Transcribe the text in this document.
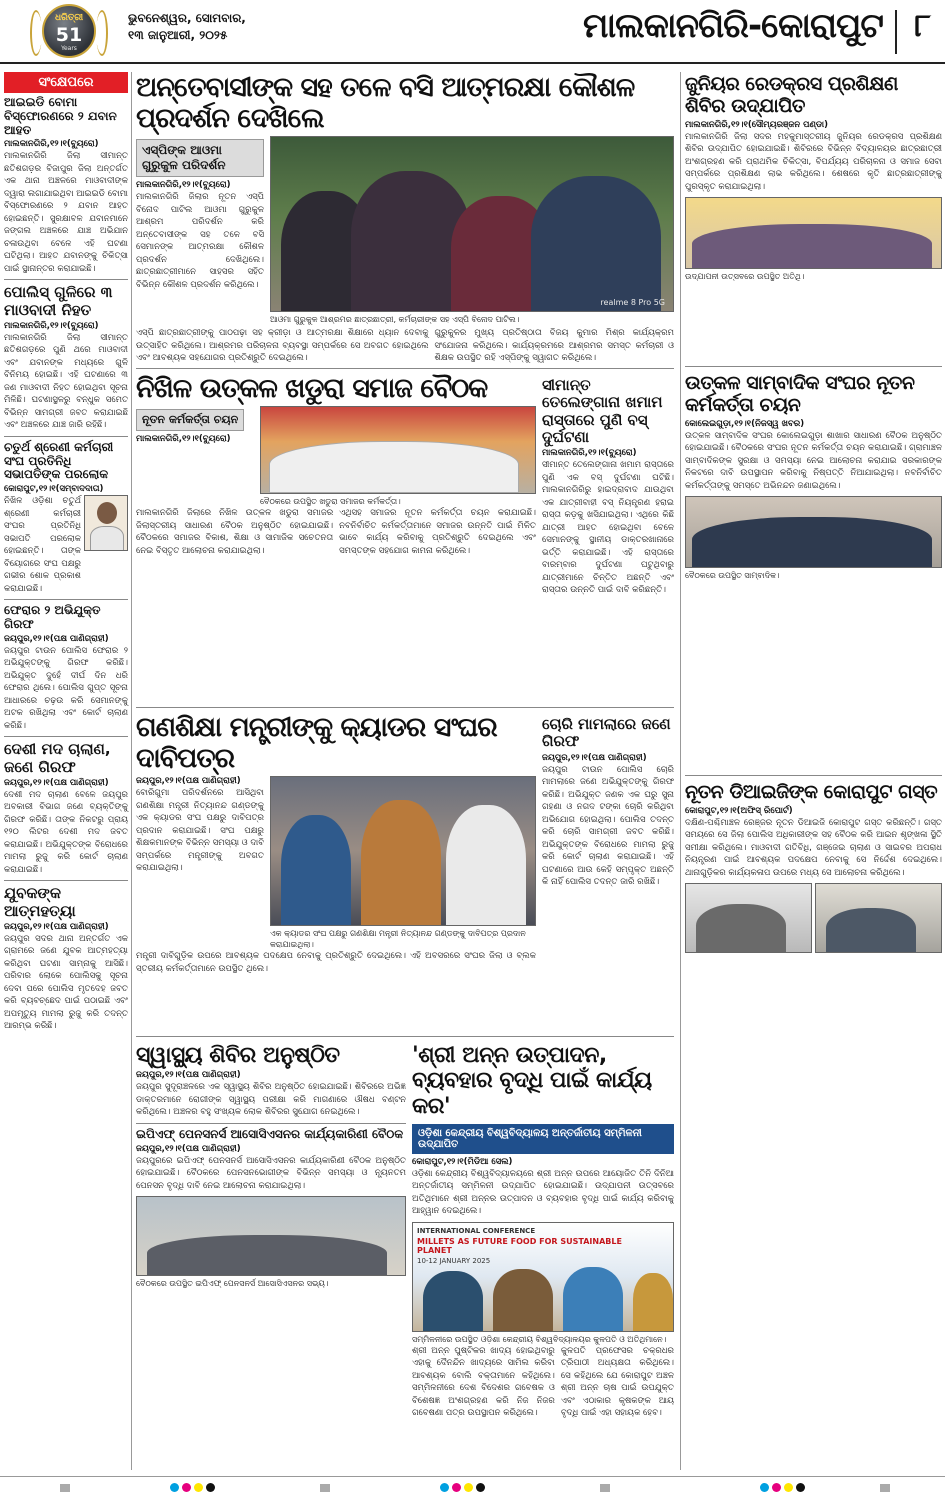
ଧରିତ୍ରୀ
51
Years
ଭୁବନେଶ୍ୱର, ସୋମବାର,
୧୩ ଜାନୁଆରୀ, ୨୦୨୫	ମାଲକାନଗିରି-କୋରାପୁଟ ୮
ସଂକ୍ଷେପରେ
ଆଇଇଡି ବୋମା ବିସ୍ଫୋରଣରେ ୨ ଯବାନ ଆହତ
ମାଲକାନଗିରି,୧୨।୧(ବ୍ୟୁରୋ)

ମାଲକାନଗିରି ଜିଲା ସୀମାନ୍ତ ଛତିଶଗଡ଼ର ବିଜାପୁର ଜିଲା ଅନ୍ତର୍ଗତ ଏକ ଥାନା ଅଞ୍ଚଳରେ ମାଓବାଦୀଙ୍କ ଦ୍ୱାରା ଲଗାଯାଇଥିବା ଆଇଇଡି ବୋମା ବିସ୍ଫୋରଣରେ ୨ ଯବାନ ଆହତ ହୋଇଛନ୍ତି। ସୁରକ୍ଷାବଳ ଯବାନମାନେ ଜଙ୍ଗଲ ଅଞ୍ଚଳରେ ଯାଞ୍ଚ ଅଭିଯାନ ଚଳାଉଥିବା ବେଳେ ଏହି ଘଟଣା ଘଟିଥିଲା। ଆହତ ଯବାନଙ୍କୁ ଚିକିତ୍ସା ପାଇଁ ସ୍ଥାନାନ୍ତର କରାଯାଇଛି।

ପୋଲିସ୍ ଗୁଳିରେ ୩ ମାଓବାଦୀ ନିହତ
ମାଲକାନଗିରି,୧୨।୧(ବ୍ୟୁରୋ)

ମାଲକାନଗିରି ଜିଲା ସୀମାନ୍ତ ଛତିଶଗଡ଼ରେ ପୁଣି ଥରେ ମାଓବାଦୀ ଏବଂ ଯବାନଙ୍କ ମଧ୍ୟରେ ଗୁଳି ବିନିମୟ ହୋଇଛି। ଏହି ଘଟଣାରେ ୩ ଜଣ ମାଓବାଦୀ ନିହତ ହୋଇଥିବା ସୂଚନା ମିଳିଛି। ଘଟଣାସ୍ଥଳରୁ ବନ୍ଧୁକ ସମେତ ବିଭିନ୍ନ ସାମଗ୍ରୀ ଜବତ କରାଯାଇଛି ଏବଂ ଅଞ୍ଚଳରେ ଯାଞ୍ଚ ଜାରି ରହିଛି।

ଚତୁର୍ଥ ଶ୍ରେଣୀ କର୍ମଚାରୀ ସଂଘ ପ୍ରତିନିଧି ସଭାପତିଙ୍କ ପରଲୋକ
କୋରାପୁଟ,୧୨।୧(ସମ୍ବାଦଦାତା)

ନିଖିଳ ଓଡ଼ିଶା ଚତୁର୍ଥ ଶ୍ରେଣୀ କର୍ମଚାରୀ ସଂଘର ପ୍ରତିନିଧି ସଭାପତି ପରଲୋକ ହୋଇଛନ୍ତି। ତାଙ୍କ ବିୟୋଗରେ ସଂଘ ପକ୍ଷରୁ ଗଭୀର ଶୋକ ପ୍ରକାଶ କରାଯାଇଛି।

ଫେରାର ୨ ଅଭିଯୁକ୍ତ ଗିରଫ
ଜୟପୁର,୧୨।୧(ପକ୍ଷ ପାଣିଗ୍ରାହୀ)

ଜୟପୁର ଟାଉନ ପୋଲିସ ଫେରାର ୨ ଅଭିଯୁକ୍ତଙ୍କୁ ଗିରଫ କରିଛି। ଅଭିଯୁକ୍ତ ଦୁହେଁ ଦୀର୍ଘ ଦିନ ଧରି ଫେରାର ଥିଲେ। ପୋଲିସ ଗୁପ୍ତ ସୂଚନା ଆଧାରରେ ଚଢ଼ଉ କରି ସେମାନଙ୍କୁ ଅଟକ ରଖିଥିଲା ଏବଂ କୋର୍ଟ ଚାଲାଣ କରିଛି।

ଦେଶୀ ମଦ ଚାଲାଣ, ଜଣେ ଗିରଫ
ଜୟପୁର,୧୨।୧(ପକ୍ଷ ପାଣିଗ୍ରାହୀ)

ଦେଶୀ ମଦ ଚାଲାଣ ବେଳେ ଜୟପୁର ଅବକାରୀ ବିଭାଗ ଜଣେ ବ୍ୟକ୍ତିଙ୍କୁ ଗିରଫ କରିଛି। ତାଙ୍କ ନିକଟରୁ ପ୍ରାୟ ୧୨୦ ଲିଟର ଦେଶୀ ମଦ ଜବତ କରାଯାଇଛି। ଅଭିଯୁକ୍ତଙ୍କ ବିରୋଧରେ ମାମଲା ରୁଜୁ କରି କୋର୍ଟ ଚାଲାଣ କରାଯାଇଛି।

ଯୁବକଙ୍କ ଆତ୍ମହତ୍ୟା
ଜୟପୁର,୧୨।୧(ପକ୍ଷ ପାଣିଗ୍ରାହୀ)

ଜୟପୁର ସଦର ଥାନା ଅନ୍ତର୍ଗତ ଏକ ଗ୍ରାମରେ ଜଣେ ଯୁବକ ଆତ୍ମହତ୍ୟା କରିଥିବା ଘଟଣା ସାମ୍ନାକୁ ଆସିଛି। ପରିବାର ଲୋକେ ପୋଲିସକୁ ସୂଚନା ଦେବା ପରେ ପୋଲିସ ମୃତଦେହ ଜବତ କରି ବ୍ୟବଚ୍ଛେଦ ପାଇଁ ପଠାଇଛି ଏବଂ ଅପମୃତ୍ୟୁ ମାମଲା ରୁଜୁ କରି ତଦନ୍ତ ଆରମ୍ଭ କରିଛି।

ଅନ୍ତେବାସୀଙ୍କ ସହ ତଳେ ବସି ଆତ୍ମରକ୍ଷା କୌଶଳ ପ୍ରଦର୍ଶନ ଦେଖିଲେ
ଏସ୍‌ପିଙ୍କ ଆଓମା ଗୁରୁକୁଳ ପରିଦର୍ଶନ
ମାଲକାନଗିରି,୧୨।୧(ବ୍ୟୁରୋ)

ମାଲକାନଗିରି ଜିଲାର ନୂତନ ଏସ୍‌ପି ବିନୋଦ ପାଟିଲ ଆଓମା ଗୁରୁକୁଳ ଆଶ୍ରମ ପରିଦର୍ଶନ କରି ଅନ୍ତେବାସୀଙ୍କ ସହ ତଳେ ବସି ସେମାନଙ୍କ ଆତ୍ମରକ୍ଷା କୌଶଳ ପ୍ରଦର୍ଶନ ଦେଖିଥିଲେ। ଛାତ୍ରଛାତ୍ରୀମାନେ ସାହସର ସହିତ ବିଭିନ୍ନ କୌଶଳ ପ୍ରଦର୍ଶନ କରିଥିଲେ।

realme 8 Pro 5G
ଆଓମା ଗୁରୁକୁଳ ଆଶ୍ରମର ଛାତ୍ରଛାତ୍ରୀ, କର୍ମଚାରୀଙ୍କ ସହ ଏସ୍‌ପି ବିନୋଦ ପାଟିଲ।

ଏସ୍‌ପି ଛାତ୍ରଛାତ୍ରୀଙ୍କୁ ପାଠପଢ଼ା ସହ କ୍ରୀଡ଼ା ଓ ଆତ୍ମରକ୍ଷା ଶିକ୍ଷାରେ ଧ୍ୟାନ ଦେବାକୁ ଉତ୍ସାହିତ କରିଥିଲେ। ଆଶ୍ରମର ପରିଚାଳନା ବ୍ୟବସ୍ଥା ସମ୍ପର୍କରେ ସେ ଅବଗତ ହୋଇଥିଲେ ଏବଂ ଆବଶ୍ୟକ ସହଯୋଗର ପ୍ରତିଶ୍ରୁତି ଦେଇଥିଲେ।

ଗୁରୁକୁଳର ମୁଖ୍ୟ ପ୍ରତିଷ୍ଠାତା ବିଜୟ କୁମାର ମିଶ୍ର କାର୍ଯ୍ୟକ୍ରମ ସଂଯୋଜନା କରିଥିଲେ। କାର୍ଯ୍ୟକ୍ରମରେ ଆଶ୍ରମର ସମସ୍ତ କର୍ମଚାରୀ ଓ ଶିକ୍ଷକ ଉପସ୍ଥିତ ରହି ଏସ୍‌ପିଙ୍କୁ ସ୍ୱାଗତ କରିଥିଲେ।

ନିଖିଳ ଉତ୍କଳ ଖଡୁରା ସମାଜ ବୈଠକ
ନୂତନ କର୍ମକର୍ତ୍ତା ଚୟନ
ମାଲକାନଗିରି,୧୨।୧(ବ୍ୟୁରୋ)
ବୈଠକରେ ଉପସ୍ଥିତ ଖଡୁରା ସମାଜର କର୍ମକର୍ତ୍ତା।

ମାଲକାନଗିରି ଜିଲାରେ ନିଖିଳ ଉତ୍କଳ ଖଡୁରା ସମାଜର ଜିଲାସ୍ତରୀୟ ସାଧାରଣ ବୈଠକ ଅନୁଷ୍ଠିତ ହୋଇଯାଇଛି। ବୈଠକରେ ସମାଜର ବିକାଶ, ଶିକ୍ଷା ଓ ସାମାଜିକ ସଚେତନତା ନେଇ ବିସ୍ତୃତ ଆଲୋଚନା କରାଯାଇଥିଲା।

ଏଥିସହ ସମାଜର ନୂତନ କର୍ମକର୍ତ୍ତା ଚୟନ କରାଯାଇଛି। ନବନିର୍ବାଚିତ କର୍ମକର୍ତ୍ତାମାନେ ସମାଜର ଉନ୍ନତି ପାଇଁ ମିଳିତ ଭାବେ କାର୍ଯ୍ୟ କରିବାକୁ ପ୍ରତିଶ୍ରୁତି ଦେଇଥିଲେ ଏବଂ ସମସ୍ତଙ୍କ ସହଯୋଗ କାମନା କରିଥିଲେ।

ସୀମାନ୍ତ ତେଲେଙ୍ଗାନା ଖମାମ ରାସ୍ତାରେ ପୁଣି ବସ୍ ଦୁର୍ଘଟଣା
ମାଲକାନଗିରି,୧୨।୧(ବ୍ୟୁରୋ)

ସୀମାନ୍ତ ତେଲେଙ୍ଗାନା ଖମାମ ରାସ୍ତାରେ ପୁଣି ଏକ ବସ୍ ଦୁର୍ଘଟଣା ଘଟିଛି। ମାଲକାନଗିରିରୁ ହାଇଦ୍ରାବାଦ ଯାଉଥିବା ଏକ ଯାତ୍ରୀବାହୀ ବସ୍ ନିୟନ୍ତ୍ରଣ ହରାଇ ରାସ୍ତା କଡ଼କୁ ଖସିଯାଇଥିଲା। ଏଥିରେ କିଛି ଯାତ୍ରୀ ଆହତ ହୋଇଥିବା ବେଳେ ସେମାନଙ୍କୁ ସ୍ଥାନୀୟ ଡାକ୍ତରଖାନାରେ ଭର୍ତ୍ତି କରାଯାଇଛି। ଏହି ରାସ୍ତାରେ ବାରମ୍ବାର ଦୁର୍ଘଟଣା ଘଟୁଥିବାରୁ ଯାତ୍ରୀମାନେ ଚିନ୍ତିତ ଅଛନ୍ତି ଏବଂ ରାସ୍ତାର ଉନ୍ନତି ପାଇଁ ଦାବି କରିଛନ୍ତି।

ଗଣଶିକ୍ଷା ମନ୍ତ୍ରୀଙ୍କୁ କ୍ୟାଡର ସଂଘର ଦାବିପତ୍ର
ଜୟପୁର,୧୨।୧(ପକ୍ଷ ପାଣିଗ୍ରାହୀ)

ବୋରିଗୁମା ପରିଦର୍ଶନରେ ଆସିଥିବା ଗଣଶିକ୍ଷା ମନ୍ତ୍ରୀ ନିତ୍ୟାନନ୍ଦ ଗଣ୍ଡଙ୍କୁ ଏକ କ୍ୟାଡର ସଂଘ ପକ୍ଷରୁ ଦାବିପତ୍ର ପ୍ରଦାନ କରାଯାଇଛି। ସଂଘ ପକ୍ଷରୁ ଶିକ୍ଷକମାନଙ୍କ ବିଭିନ୍ନ ସମସ୍ୟା ଓ ଦାବି ସମ୍ପର୍କରେ ମନ୍ତ୍ରୀଙ୍କୁ ଅବଗତ କରାଯାଇଥିଲା।

ଏକ କ୍ୟାଡର ସଂଘ ପକ୍ଷରୁ ଗଣଶିକ୍ଷା ମନ୍ତ୍ରୀ ନିତ୍ୟାନନ୍ଦ ଗଣ୍ଡଙ୍କୁ ଦାବିପତ୍ର ପ୍ରଦାନ କରାଯାଇଥିଲା।

ମନ୍ତ୍ରୀ ଦାବିଗୁଡ଼ିକ ଉପରେ ଆବଶ୍ୟକ ପଦକ୍ଷେପ ନେବାକୁ ପ୍ରତିଶ୍ରୁତି ଦେଇଥିଲେ। ଏହି ଅବସରରେ ସଂଘର ଜିଲା ଓ ବ୍ଲକ ସ୍ତରୀୟ କର୍ମକର୍ତ୍ତାମାନେ ଉପସ୍ଥିତ ଥିଲେ।

ଚୋରି ମାମଲାରେ ଜଣେ ଗିରଫ
ଜୟପୁର,୧୨।୧(ପକ୍ଷ ପାଣିଗ୍ରାହୀ)

ଜୟପୁର ଟାଉନ ପୋଲିସ ଚୋରି ମାମଲାରେ ଜଣେ ଅଭିଯୁକ୍ତଙ୍କୁ ଗିରଫ କରିଛି। ଅଭିଯୁକ୍ତ ଜଣକ ଏକ ଘରୁ ସୁନା ଗହଣା ଓ ନଗଦ ଟଙ୍କା ଚୋରି କରିଥିବା ଅଭିଯୋଗ ହୋଇଥିଲା। ପୋଲିସ ତଦନ୍ତ କରି ଚୋରି ସାମଗ୍ରୀ ଜବତ କରିଛି। ଅଭିଯୁକ୍ତଙ୍କ ବିରୋଧରେ ମାମଲା ରୁଜୁ କରି କୋର୍ଟ ଚାଲାଣ କରାଯାଇଛି। ଏହି ଘଟଣାରେ ଆଉ କେହି ସମ୍ପୃକ୍ତ ଅଛନ୍ତି କି ନାହିଁ ପୋଲିସ ତଦନ୍ତ ଜାରି ରଖିଛି।

ସ୍ୱାସ୍ଥ୍ୟ ଶିବିର ଅନୁଷ୍ଠିତ
ଜୟପୁର,୧୨।୧(ପକ୍ଷ ପାଣିଗ୍ରାହୀ)

ଜୟପୁର ସୁଦୂରାଞ୍ଚଳରେ ଏକ ସ୍ୱାସ୍ଥ୍ୟ ଶିବିର ଅନୁଷ୍ଠିତ ହୋଇଯାଇଛି। ଶିବିରରେ ଅଭିଜ୍ଞ ଡାକ୍ତରମାନେ ରୋଗୀଙ୍କ ସ୍ୱାସ୍ଥ୍ୟ ପରୀକ୍ଷା କରି ମାଗଣାରେ ଔଷଧ ବଣ୍ଟନ କରିଥିଲେ। ଅଞ୍ଚଳର ବହୁ ସଂଖ୍ୟକ ଲୋକ ଶିବିରର ସୁଯୋଗ ନେଇଥିଲେ।

ଇପିଏଫ୍ ପେନସନର୍ସ ଆସୋସିଏସନର କାର୍ଯ୍ୟକାରିଣୀ ବୈଠକ
ଜୟପୁର,୧୨।୧(ପକ୍ଷ ପାଣିଗ୍ରାହୀ)

ଜୟପୁରରେ ଇପିଏଫ୍ ପେନସନର୍ସ ଆସୋସିଏସନର କାର୍ଯ୍ୟକାରିଣୀ ବୈଠକ ଅନୁଷ୍ଠିତ ହୋଇଯାଇଛି। ବୈଠକରେ ପେନସନଭୋଗୀଙ୍କ ବିଭିନ୍ନ ସମସ୍ୟା ଓ ନ୍ୟୂନତମ ପେନସନ ବୃଦ୍ଧି ଦାବି ନେଇ ଆଲୋଚନା କରାଯାଇଥିଲା।

ବୈଠକରେ ଉପସ୍ଥିତ ଇପିଏଫ୍ ପେନସନର୍ସ ଆସୋସିଏସନର ସଭ୍ୟ।
'ଶ୍ରୀ ଅନ୍ନ ଉତ୍ପାଦନ, ବ୍ୟବହାର ବୃଦ୍ଧି ପାଇଁ କାର୍ଯ୍ୟ କର'
ଓଡ଼ିଶା କେନ୍ଦ୍ରୀୟ ବିଶ୍ୱବିଦ୍ୟାଳୟ ଅନ୍ତର୍ଜାତୀୟ ସମ୍ମିଳନୀ ଉଦ୍‌ଯାପିତ
କୋରାପୁଟ,୧୨।୧(ମିଡିଆ ସେଲ)

ଓଡ଼ିଶା କେନ୍ଦ୍ରୀୟ ବିଶ୍ୱବିଦ୍ୟାଳୟରେ ଶ୍ରୀ ଅନ୍ନ ଉପରେ ଆୟୋଜିତ ତିନି ଦିନିଆ ଅନ୍ତର୍ଜାତୀୟ ସମ୍ମିଳନୀ ଉଦ୍‌ଯାପିତ ହୋଇଯାଇଛି। ଉଦ୍‌ଯାପନୀ ଉତ୍ସବରେ ଅତିଥିମାନେ ଶ୍ରୀ ଅନ୍ନର ଉତ୍ପାଦନ ଓ ବ୍ୟବହାର ବୃଦ୍ଧି ପାଇଁ କାର୍ଯ୍ୟ କରିବାକୁ ଆହ୍ୱାନ ଦେଇଥିଲେ।

INTERNATIONAL CONFERENCE
MILLETS AS FUTURE FOOD FOR SUSTAINABLE PLANET
10-12 JANUARY 2025
ସମ୍ମିଳନୀରେ ଉପସ୍ଥିତ ଓଡ଼ିଶା କେନ୍ଦ୍ରୀୟ ବିଶ୍ୱବିଦ୍ୟାଳୟର କୁଳପତି ଓ ଅତିଥିମାନେ।

ଶ୍ରୀ ଅନ୍ନ ପୁଷ୍ଟିକର ଖାଦ୍ୟ ହୋଇଥିବାରୁ ଏହାକୁ ଦୈନନ୍ଦିନ ଖାଦ୍ୟରେ ସାମିଲ କରିବା ଆବଶ୍ୟକ ବୋଲି ବକ୍ତାମାନେ କହିଥିଲେ। ସମ୍ମିଳନୀରେ ଦେଶ ବିଦେଶର ଗବେଷକ ଓ ବିଶେଷଜ୍ଞ ଅଂଶଗ୍ରହଣ କରି ନିଜ ନିଜର ଗବେଷଣା ପତ୍ର ଉପସ୍ଥାପନ କରିଥିଲେ।

କୁଳପତି ପ୍ରଫେସର ଚକ୍ରଧର ତ୍ରିପାଠୀ ଅଧ୍ୟକ୍ଷତା କରିଥିଲେ। ସେ କହିଥିଲେ ଯେ କୋରାପୁଟ ଅଞ୍ଚଳ ଶ୍ରୀ ଅନ୍ନ ଚାଷ ପାଇଁ ଉପଯୁକ୍ତ ଏବଂ ଏଠାକାର କୃଷକଙ୍କ ଆୟ ବୃଦ୍ଧି ପାଇଁ ଏହା ସହାୟକ ହେବ।

ଜୁନିୟର ରେଡକ୍ରସ ପ୍ରଶିକ୍ଷଣ ଶିବିର ଉଦ୍‌ଯାପିତ
ମାଲକାନଗିରି,୧୨।୧(ସୌମ୍ୟରଞ୍ଜନ ପଣ୍ଡା)

ମାଲକାନଗିରି ଜିଲା ସଦର ମହକୁମାସ୍ତରୀୟ ଜୁନିୟର ରେଡକ୍ରସ ପ୍ରଶିକ୍ଷଣ ଶିବିର ଉଦ୍‌ଯାପିତ ହୋଇଯାଇଛି। ଶିବିରରେ ବିଭିନ୍ନ ବିଦ୍ୟାଳୟର ଛାତ୍ରଛାତ୍ରୀ ଅଂଶଗ୍ରହଣ କରି ପ୍ରାଥମିକ ଚିକିତ୍ସା, ବିପର୍ଯ୍ୟୟ ପରିଚାଳନା ଓ ସମାଜ ସେବା ସମ୍ପର୍କରେ ପ୍ରଶିକ୍ଷଣ ଲାଭ କରିଥିଲେ। ଶେଷରେ କୃତି ଛାତ୍ରଛାତ୍ରୀଙ୍କୁ ପୁରସ୍କୃତ କରାଯାଇଥିଲା।

ଉଦ୍‌ଯାପନୀ ଉତ୍ସବରେ ଉପସ୍ଥିତ ଅତିଥି।
ଉତ୍କଳ ସାମ୍ବାଦିକ ସଂଘର ନୂତନ କର୍ମକର୍ତ୍ତା ଚୟନ
କୋଲେଇଗୁଡ଼ା,୧୨।୧(ନିଜସ୍ୱ ଖବର)

ଉତ୍କଳ ସାମ୍ବାଦିକ ସଂଘର କୋଲେଇଗୁଡ଼ା ଶାଖାର ସାଧାରଣ ବୈଠକ ଅନୁଷ୍ଠିତ ହୋଇଯାଇଛି। ବୈଠକରେ ସଂଘର ନୂତନ କର୍ମକର୍ତ୍ତା ଚୟନ କରାଯାଇଛି। ଗ୍ରାମାଞ୍ଚଳ ସାମ୍ବାଦିକଙ୍କ ସୁରକ୍ଷା ଓ ସମସ୍ୟା ନେଇ ଆଲୋଚନା କରାଯାଇ ସରକାରଙ୍କ ନିକଟରେ ଦାବି ଉପସ୍ଥାପନ କରିବାକୁ ନିଷ୍ପତ୍ତି ନିଆଯାଇଥିଲା। ନବନିର୍ବାଚିତ କର୍ମକର୍ତ୍ତାଙ୍କୁ ସମସ୍ତେ ଅଭିନନ୍ଦନ ଜଣାଇଥିଲେ।

ବୈଠକରେ ଉପସ୍ଥିତ ସାମ୍ବାଦିକ।
ନୂତନ ଡିଆଇଜିଙ୍କ କୋରାପୁଟ ଗସ୍ତ
କୋରାପୁଟ,୧୨।୧(ଅଫିସ୍ ରିପୋର୍ଟ)

ଦକ୍ଷିଣ-ପଶ୍ଚିମାଞ୍ଚଳ ରେଞ୍ଜର ନୂତନ ଡିଆଇଜି କୋରାପୁଟ ଗସ୍ତ କରିଛନ୍ତି। ଗସ୍ତ ସମୟରେ ସେ ଜିଲା ପୋଲିସ ଅଧିକାରୀଙ୍କ ସହ ବୈଠକ କରି ଆଇନ ଶୃଙ୍ଖଳା ସ୍ଥିତି ସମୀକ୍ଷା କରିଥିଲେ। ମାଓବାଦୀ ଗତିବିଧି, ଗଞ୍ଜେଇ ଚାଲାଣ ଓ ସାଇବର ଅପରାଧ ନିୟନ୍ତ୍ରଣ ପାଇଁ ଆବଶ୍ୟକ ପଦକ୍ଷେପ ନେବାକୁ ସେ ନିର୍ଦ୍ଦେଶ ଦେଇଥିଲେ। ଥାନାଗୁଡ଼ିକର କାର୍ଯ୍ୟକଳାପ ଉପରେ ମଧ୍ୟ ସେ ଆଲୋଚନା କରିଥିଲେ।
